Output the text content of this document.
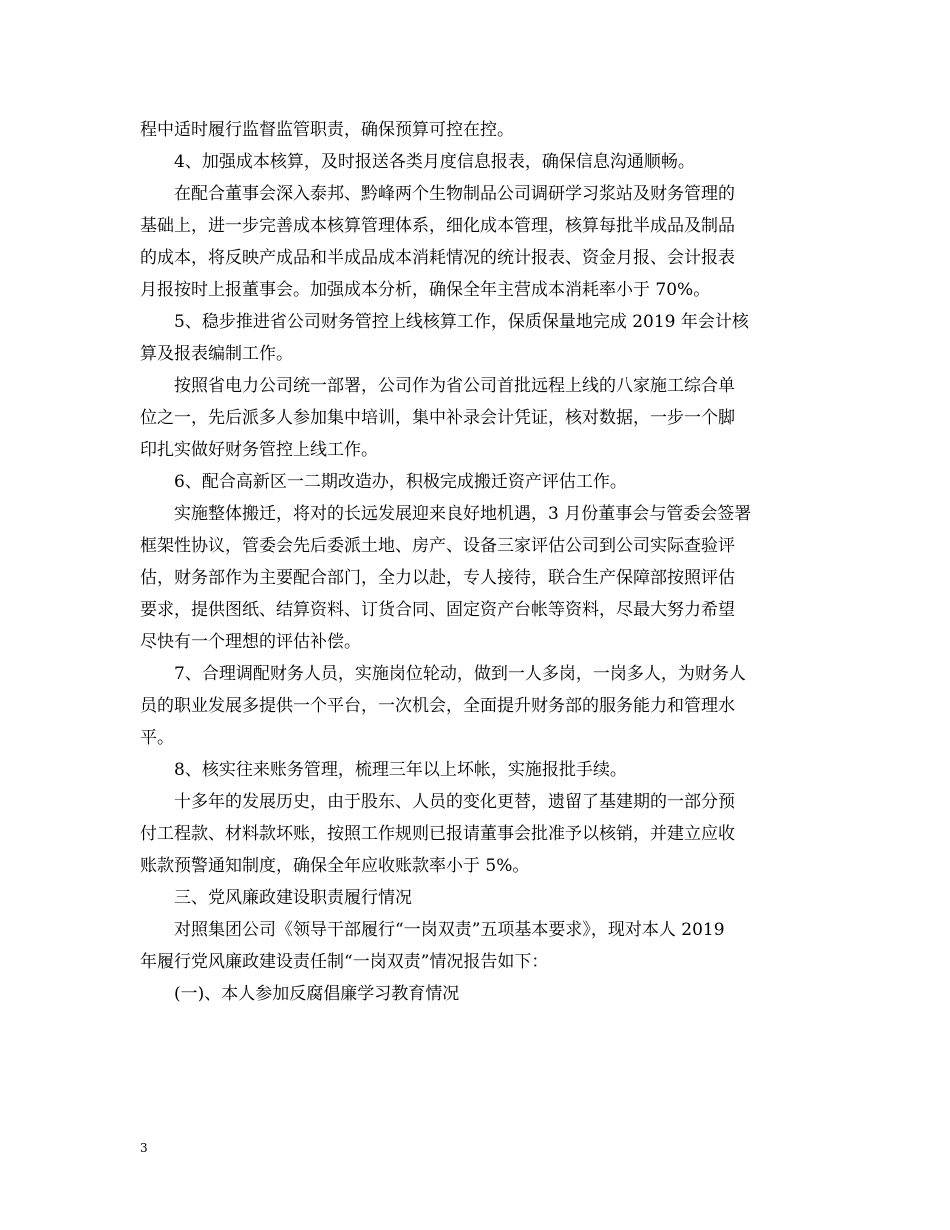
程中适时履行监督监管职责，确保预算可控在控。
4、加强成本核算，及时报送各类月度信息报表，确保信息沟通顺畅。
在配合董事会深入泰邦、黔峰两个生物制品公司调研学习浆站及财务管理的
基础上，进一步完善成本核算管理体系，细化成本管理，核算每批半成品及制品
的成本，将反映产成品和半成品成本消耗情况的统计报表、资金月报、会计报表
月报按时上报董事会。加强成本分析，确保全年主营成本消耗率小于 70%。
5、稳步推进省公司财务管控上线核算工作，保质保量地完成 2019 年会计核
算及报表编制工作。
按照省电力公司统一部署，公司作为省公司首批远程上线的八家施工综合单
位之一，先后派多人参加集中培训，集中补录会计凭证，核对数据，一步一个脚
印扎实做好财务管控上线工作。
6、配合高新区一二期改造办，积极完成搬迁资产评估工作。
实施整体搬迁，将对的长远发展迎来良好地机遇，3 月份董事会与管委会签署
框架性协议，管委会先后委派土地、房产、设备三家评估公司到公司实际查验评
估，财务部作为主要配合部门，全力以赴，专人接待，联合生产保障部按照评估
要求，提供图纸、结算资料、订货合同、固定资产台帐等资料，尽最大努力希望
尽快有一个理想的评估补偿。
7、合理调配财务人员，实施岗位轮动，做到一人多岗，一岗多人，为财务人
员的职业发展多提供一个平台，一次机会，全面提升财务部的服务能力和管理水
平。
8、核实往来账务管理，梳理三年以上坏帐，实施报批手续。
十多年的发展历史，由于股东、人员的变化更替，遗留了基建期的一部分预
付工程款、材料款坏账，按照工作规则已报请董事会批准予以核销，并建立应收
账款预警通知制度，确保全年应收账款率小于 5%。
三、党风廉政建设职责履行情况
对照集团公司《领导干部履行“一岗双责”五项基本要求》，现对本人 2019
年履行党风廉政建设责任制“一岗双责”情况报告如下：
(一)、本人参加反腐倡廉学习教育情况
3
